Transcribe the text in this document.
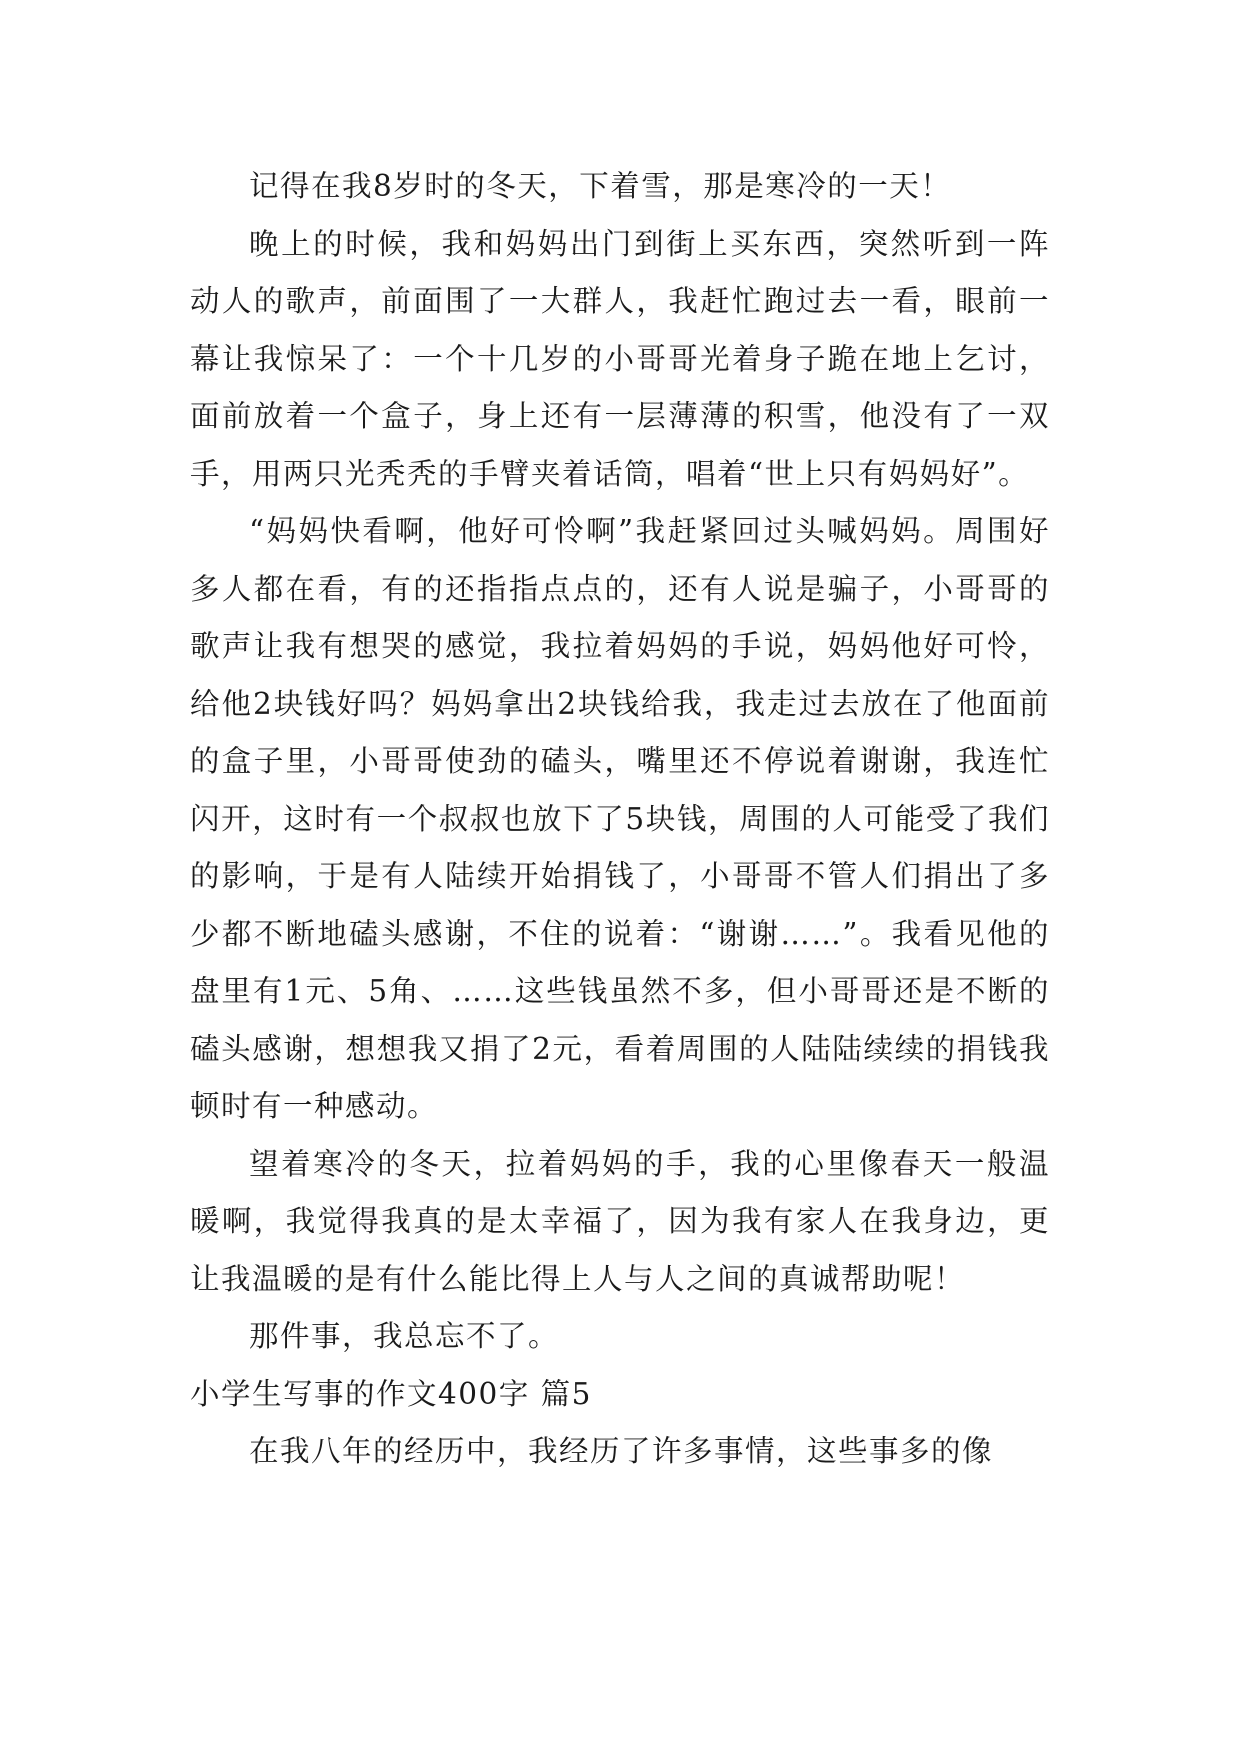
记得在我8岁时的冬天，下着雪，那是寒冷的一天！

晚上的时候，我和妈妈出门到街上买东西，突然听到一阵动人的歌声，前面围了一大群人，我赶忙跑过去一看，眼前一幕让我惊呆了：一个十几岁的小哥哥光着身子跪在地上乞讨，面前放着一个盒子，身上还有一层薄薄的积雪，他没有了一双手，用两只光秃秃的手臂夹着话筒，唱着“世上只有妈妈好”。

“妈妈快看啊，他好可怜啊”我赶紧回过头喊妈妈。周围好多人都在看，有的还指指点点的，还有人说是骗子，小哥哥的歌声让我有想哭的感觉，我拉着妈妈的手说，妈妈他好可怜，给他2块钱好吗？妈妈拿出2块钱给我，我走过去放在了他面前的盒子里，小哥哥使劲的磕头，嘴里还不停说着谢谢，我连忙闪开，这时有一个叔叔也放下了5块钱，周围的人可能受了我们的影响，于是有人陆续开始捐钱了，小哥哥不管人们捐出了多少都不断地磕头感谢，不住的说着：“谢谢……”。我看见他的盘里有1元、5角、……这些钱虽然不多，但小哥哥还是不断的磕头感谢，想想我又捐了2元，看着周围的人陆陆续续的捐钱我顿时有一种感动。

望着寒冷的冬天，拉着妈妈的手，我的心里像春天一般温暖啊，我觉得我真的是太幸福了，因为我有家人在我身边，更让我温暖的是有什么能比得上人与人之间的真诚帮助呢！

那件事，我总忘不了。

小学生写事的作文400字 篇5

在我八年的经历中，我经历了许多事情，这些事多的像
